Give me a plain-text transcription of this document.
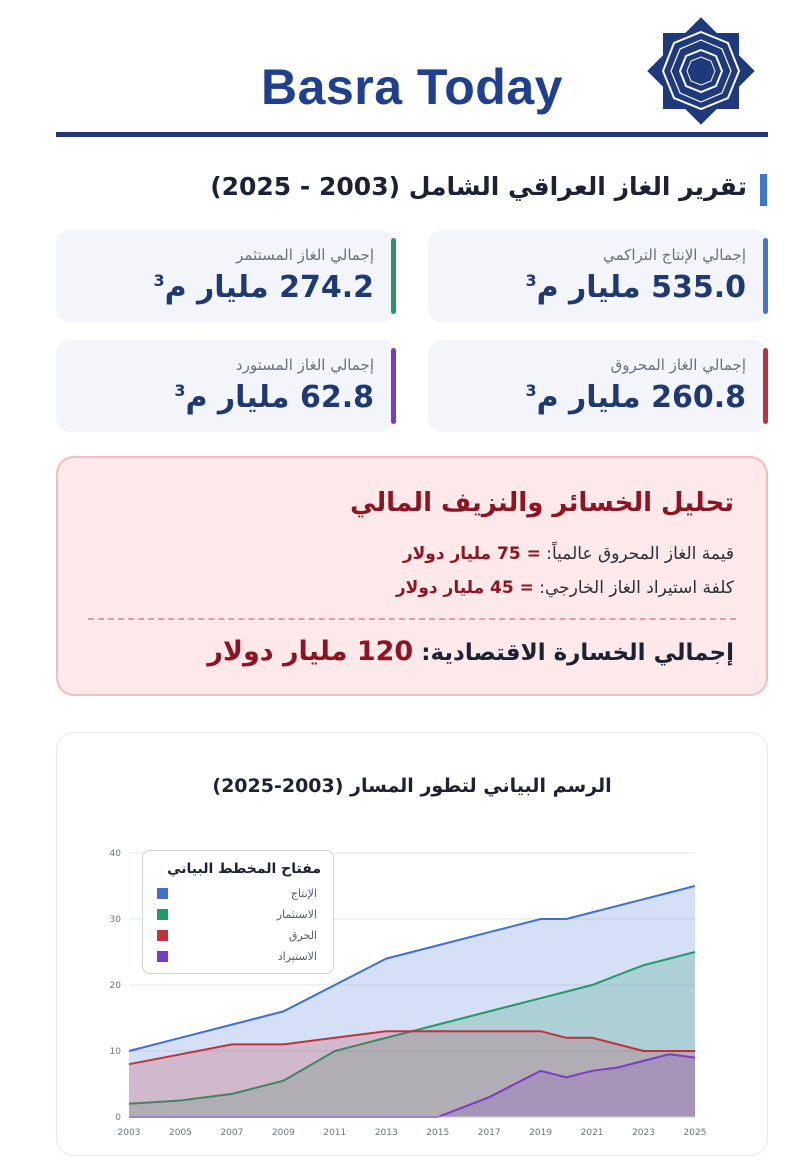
Basra Today
تقرير الغاز العراقي الشامل (2003 - 2025)
إجمالي الإنتاج التراكمي
535.0 مليار م$^3$
إجمالي الغاز المستثمر
274.2 مليار م$^3$
إجمالي الغاز المحروق
260.8 مليار م$^3$
إجمالي الغاز المستورد
62.8 مليار م$^3$
تحليل الخسائر والنزيف المالي
قيمة الغاز المحروق عالمياً: = 75 مليار دولار
كلفة استيراد الغاز الخارجي: = 45 مليار دولار
إجمالي الخسارة الاقتصادية: 120 مليار دولار
الرسم البياني لتطور المسار (2003-2025)
0
10
20
30
40
2003	2005	2007	2009	2011	2013	2015	2017	2019	2021	2023	2025
مفتاح المخطط البياني
الإنتاج
الاستثمار
الحرق
الاستيراد
